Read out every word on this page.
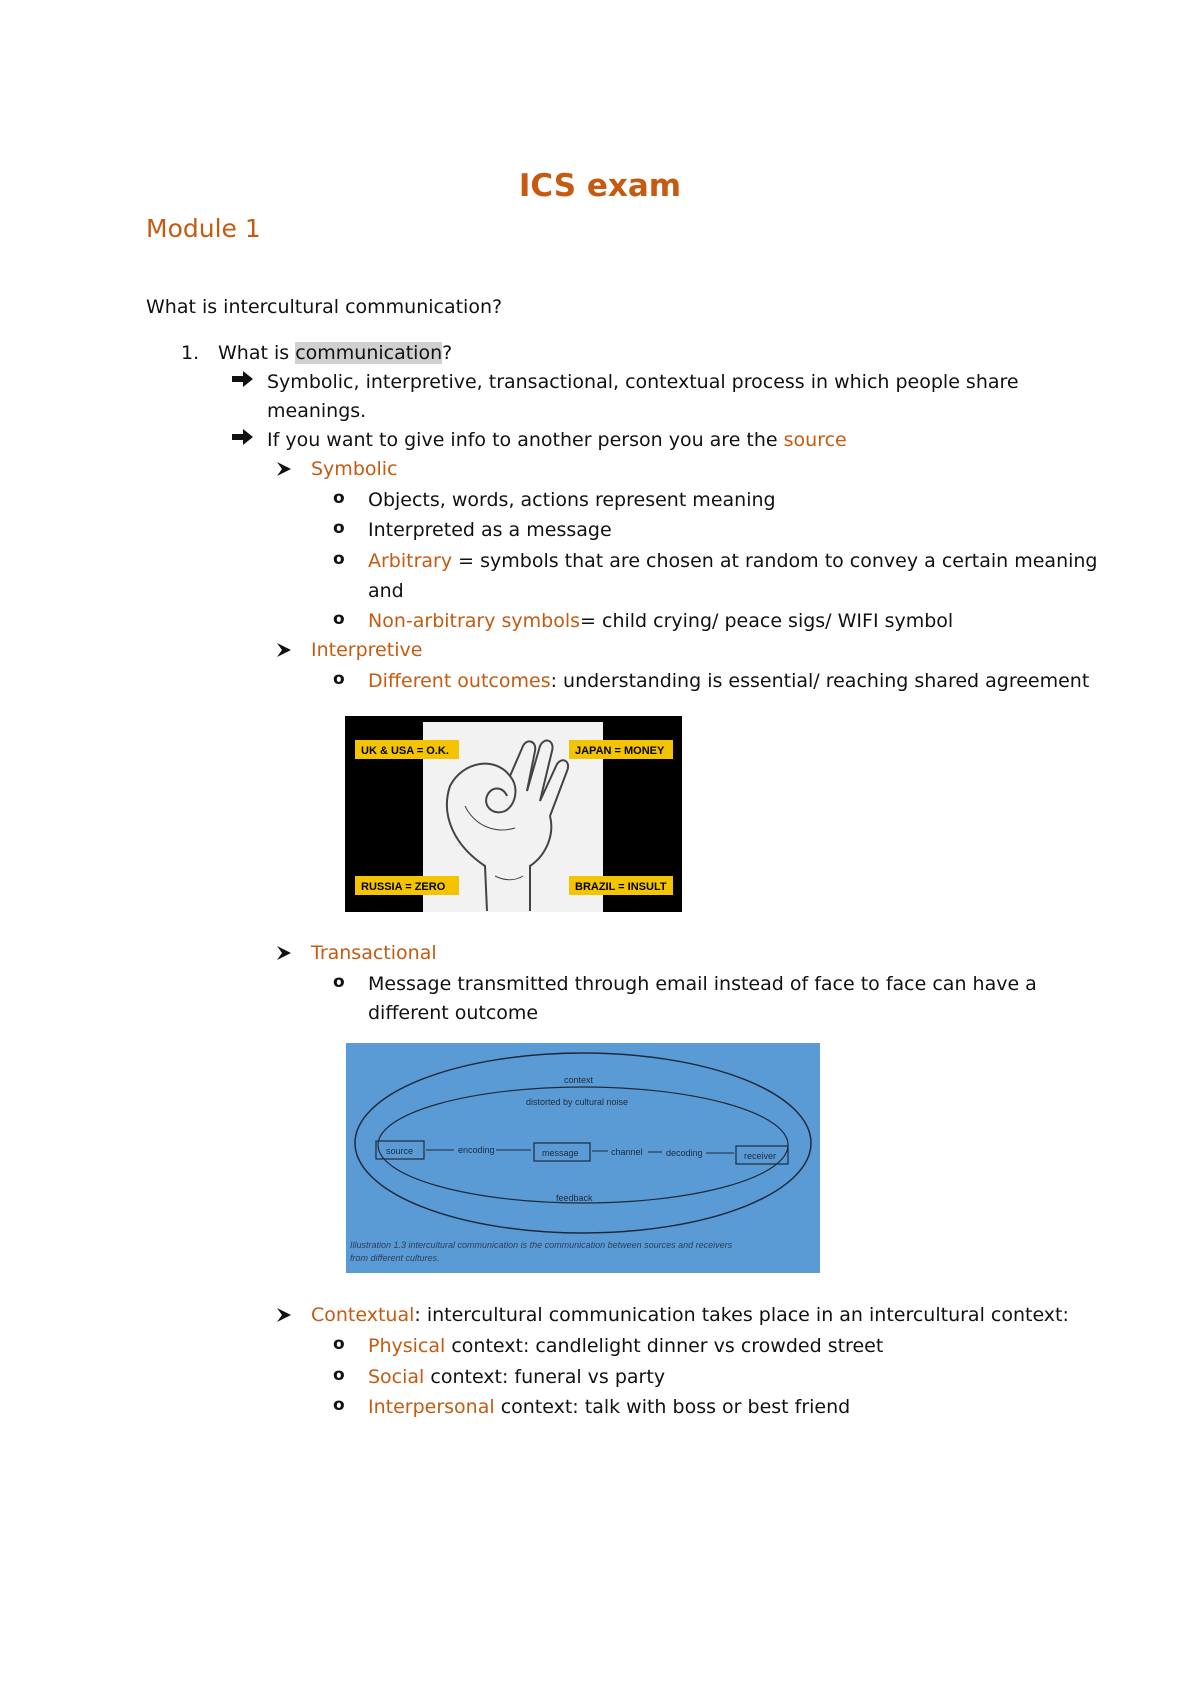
ICS exam
Module 1
What is intercultural communication?
1. What is communication?
Symbolic, interpretive, transactional, contextual process in which people share
meanings.
If you want to give info to another person you are the source
Symbolic
o Objects, words, actions represent meaning
o Interpreted as a message
o Arbitrary = symbols that are chosen at random to convey a certain meaning
and
o Non-arbitrary symbols= child crying/ peace sigs/ WIFI symbol
Interpretive
o Different outcomes: understanding is essential/ reaching shared agreement
UK & USA = O.K.	JAPAN = MONEY
RUSSIA = ZERO	BRAZIL = INSULT
Transactional
o Message transmitted through email instead of face to face can have a
different outcome
context
distorted by cultural noise
source	encoding	message	channel	decoding	receiver
feedback
Illustration 1.3 intercultural communication is the communication between sources and receivers
from different cultures.
Contextual: intercultural communication takes place in an intercultural context:
o Physical context: candlelight dinner vs crowded street
o Social context: funeral vs party
o Interpersonal context: talk with boss or best friend
